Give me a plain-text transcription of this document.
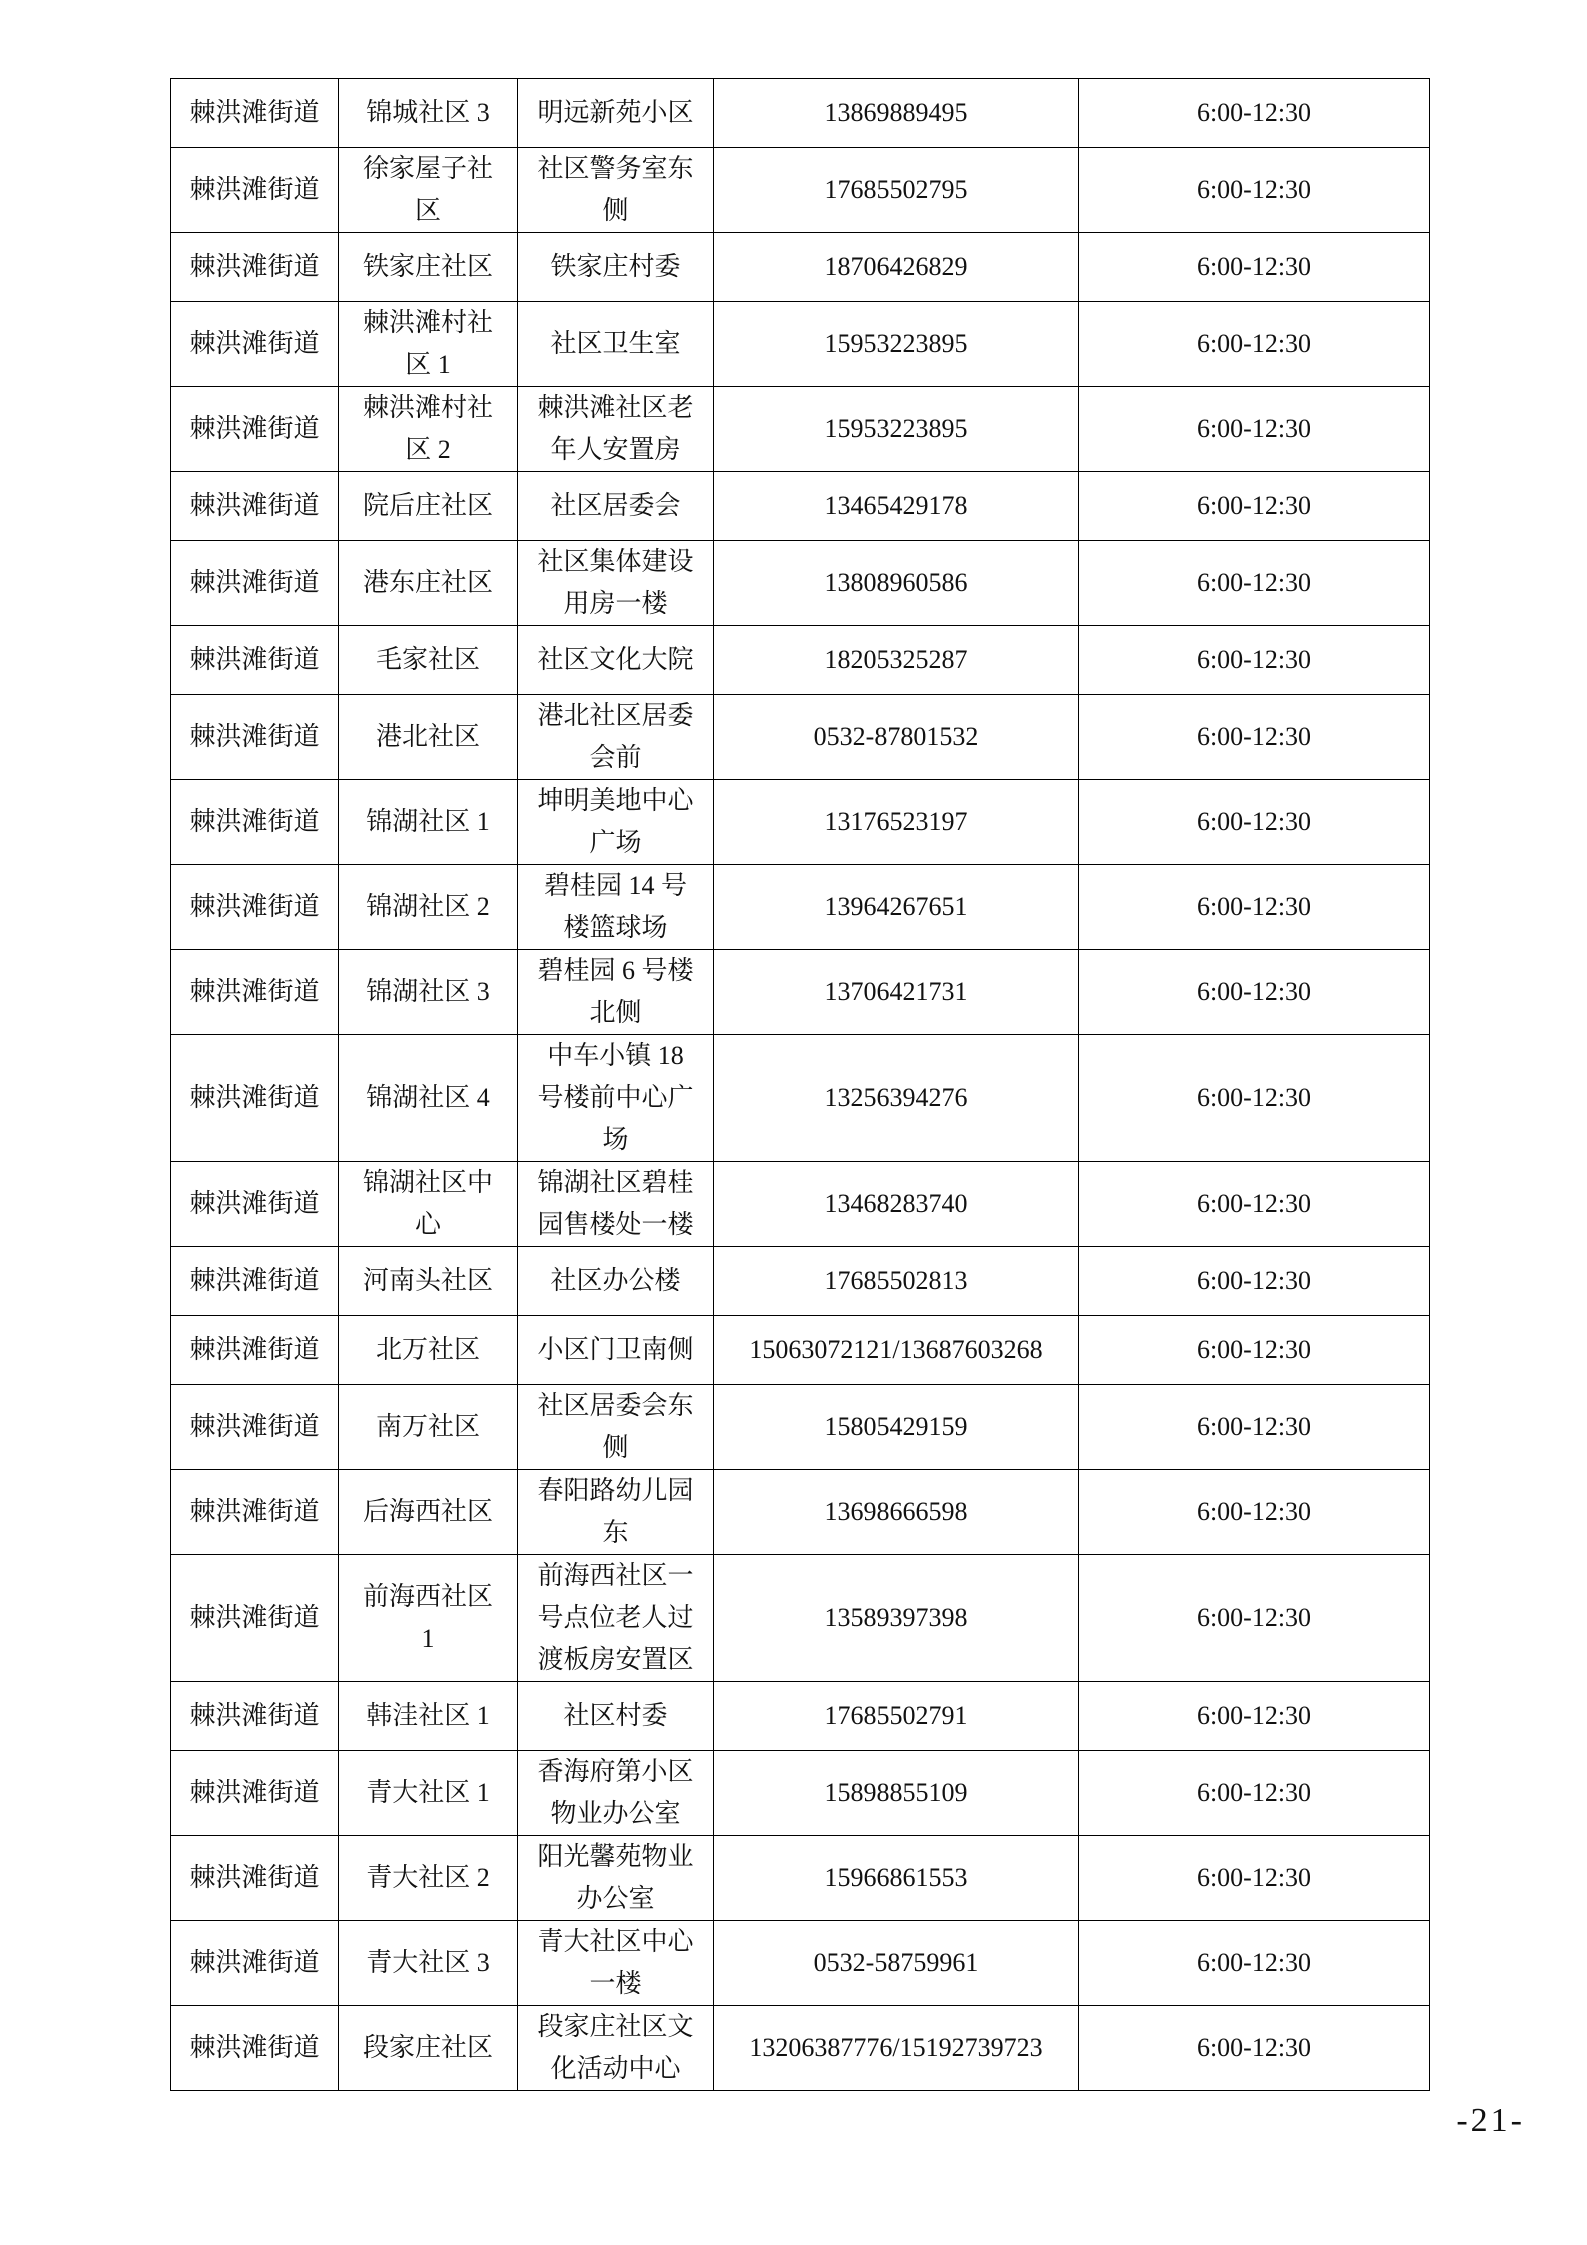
棘洪滩街道	锦城社区 3	明远新苑小区	13869889495	6:00-12:30

棘洪滩街道	徐家屋子社区	社区警务室东侧	17685502795	6:00-12:30

棘洪滩街道	铁家庄社区	铁家庄村委	18706426829	6:00-12:30

棘洪滩街道	棘洪滩村社区 1	社区卫生室	15953223895	6:00-12:30

棘洪滩街道	棘洪滩村社区 2	棘洪滩社区老年人安置房	15953223895	6:00-12:30

棘洪滩街道	院后庄社区	社区居委会	13465429178	6:00-12:30

棘洪滩街道	港东庄社区	社区集体建设用房一楼	13808960586	6:00-12:30

棘洪滩街道	毛家社区	社区文化大院	18205325287	6:00-12:30

棘洪滩街道	港北社区	港北社区居委会前	0532-87801532	6:00-12:30

棘洪滩街道	锦湖社区 1	坤明美地中心广场	13176523197	6:00-12:30

棘洪滩街道	锦湖社区 2	碧桂园 14 号楼篮球场	13964267651	6:00-12:30

棘洪滩街道	锦湖社区 3	碧桂园 6 号楼北侧	13706421731	6:00-12:30

棘洪滩街道	锦湖社区 4	中车小镇 18 号楼前中心广场	13256394276	6:00-12:30

棘洪滩街道	锦湖社区中心	锦湖社区碧桂园售楼处一楼	13468283740	6:00-12:30

棘洪滩街道	河南头社区	社区办公楼	17685502813	6:00-12:30

棘洪滩街道	北万社区	小区门卫南侧	15063072121/13687603268	6:00-12:30

棘洪滩街道	南万社区	社区居委会东侧	15805429159	6:00-12:30

棘洪滩街道	后海西社区	春阳路幼儿园东	13698666598	6:00-12:30

棘洪滩街道	前海西社区 1	前海西社区一号点位老人过渡板房安置区	13589397398	6:00-12:30

棘洪滩街道	韩洼社区 1	社区村委	17685502791	6:00-12:30

棘洪滩街道	青大社区 1	香海府第小区物业办公室	15898855109	6:00-12:30

棘洪滩街道	青大社区 2	阳光馨苑物业办公室	15966861553	6:00-12:30

棘洪滩街道	青大社区 3	青大社区中心一楼	0532-58759961	6:00-12:30

棘洪滩街道	段家庄社区	段家庄社区文化活动中心	13206387776/15192739723	6:00-12:30
-21-
